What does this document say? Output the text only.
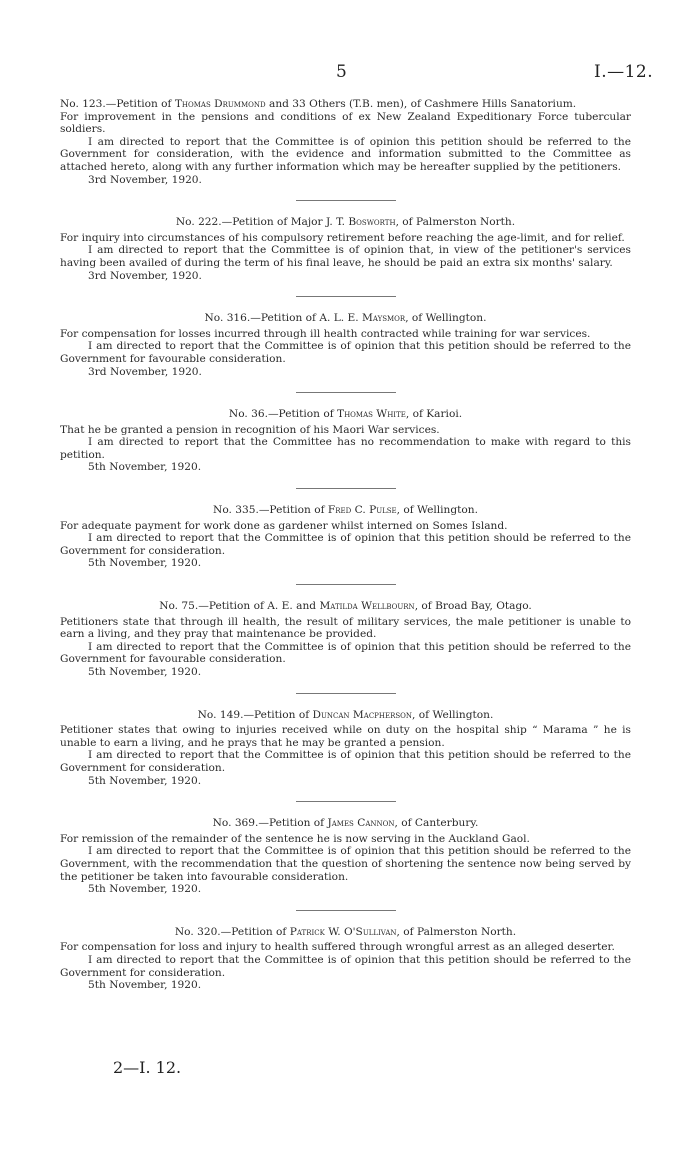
5	I.—12.

No. 123.—Petition of Thomas Drummond and 33 Others (T.B. men), of Cashmere Hills Sanatorium.

For improvement in the pensions and conditions of ex New Zealand Expeditionary Force tubercular soldiers.

I am directed to report that the Committee is of opinion this petition should be referred to the Government for consideration, with the evidence and information submitted to the Committee as attached hereto, along with any further information which may be hereafter supplied by the petitioners.

3rd November, 1920.

No. 222.—Petition of Major J. T. Bosworth, of Palmerston North.

For inquiry into circumstances of his compulsory retirement before reaching the age-limit, and for relief.

I am directed to report that the Committee is of opinion that, in view of the petitioner's services having been availed of during the term of his final leave, he should be paid an extra six months' salary.

3rd November, 1920.

No. 316.—Petition of A. L. E. Maysmor, of Wellington.

For compensation for losses incurred through ill health contracted while training for war services.

I am directed to report that the Committee is of opinion that this petition should be referred to the Government for favourable consideration.

3rd November, 1920.

No. 36.—Petition of Thomas White, of Karioi.

That he be granted a pension in recognition of his Maori War services.

I am directed to report that the Committee has no recommendation to make with regard to this petition.

5th November, 1920.

No. 335.—Petition of Fred C. Pulse, of Wellington.

For adequate payment for work done as gardener whilst interned on Somes Island.

I am directed to report that the Committee is of opinion that this petition should be referred to the Government for consideration.

5th November, 1920.

No. 75.—Petition of A. E. and Matilda Wellbourn, of Broad Bay, Otago.

Petitioners state that through ill health, the result of military services, the male petitioner is unable to earn a living, and they pray that maintenance be provided.

I am directed to report that the Committee is of opinion that this petition should be referred to the Government for favourable consideration.

5th November, 1920.

No. 149.—Petition of Duncan Macpherson, of Wellington.

Petitioner states that owing to injuries received while on duty on the hospital ship “ Marama ” he is unable to earn a living, and he prays that he may be granted a pension.

I am directed to report that the Committee is of opinion that this petition should be referred to the Government for consideration.

5th November, 1920.

No. 369.—Petition of James Cannon, of Canterbury.

For remission of the remainder of the sentence he is now serving in the Auckland Gaol.

I am directed to report that the Committee is of opinion that this petition should be referred to the Government, with the recommendation that the question of shortening the sentence now being served by the petitioner be taken into favourable consideration.

5th November, 1920.

No. 320.—Petition of Patrick W. O'Sullivan, of Palmerston North.

For compensation for loss and injury to health suffered through wrongful arrest as an alleged deserter.

I am directed to report that the Committee is of opinion that this petition should be referred to the Government for consideration.

5th November, 1920.

2—I. 12.
